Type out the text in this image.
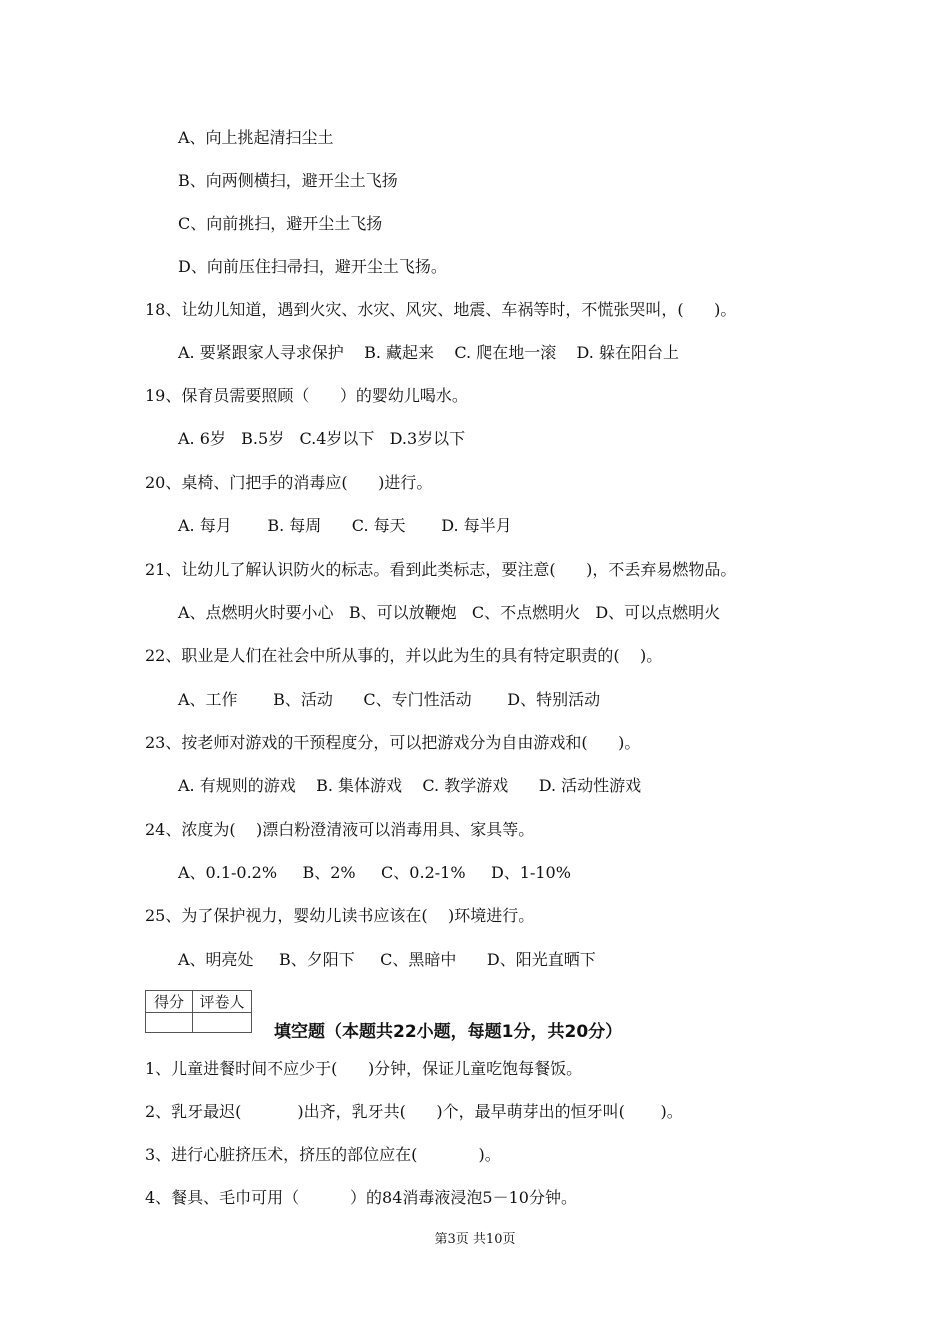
A、向上挑起清扫尘土
B、向两侧横扫，避开尘土飞扬
C、向前挑扫，避开尘土飞扬
D、向前压住扫帚扫，避开尘土飞扬。
18、让幼儿知道，遇到火灾、水灾、风灾、地震、车祸等时，不慌张哭叫，(      )。
A. 要紧跟家人寻求保护    B. 藏起来    C. 爬在地一滚    D. 躲在阳台上
19、保育员需要照顾（      ）的婴幼儿喝水。
A. 6岁   B.5岁   C.4岁以下   D.3岁以下
20、桌椅、门把手的消毒应(      )进行。
A. 每月       B. 每周      C. 每天       D. 每半月
21、让幼儿了解认识防火的标志。看到此类标志，要注意(      )，不丢弃易燃物品。
A、点燃明火时要小心   B、可以放鞭炮   C、不点燃明火   D、可以点燃明火
22、职业是人们在社会中所从事的，并以此为生的具有特定职责的(    )。
A、工作       B、活动      C、专门性活动       D、特别活动
23、按老师对游戏的干预程度分，可以把游戏分为自由游戏和(      )。
A. 有规则的游戏    B. 集体游戏    C. 教学游戏      D. 活动性游戏
24、浓度为(    )漂白粉澄清液可以消毒用具、家具等。
A、0.1-0.2%     B、2%     C、0.2-1%     D、1-10%
25、为了保护视力，婴幼儿读书应该在(    )环境进行。
A、明亮处     B、夕阳下     C、黑暗中      D、阳光直晒下
得分	评卷人

填空题（本题共22小题，每题1分，共20分）
1、儿童进餐时间不应少于(      )分钟，保证儿童吃饱每餐饭。
2、乳牙最迟(           )出齐，乳牙共(      )个，最早萌芽出的恒牙叫(       )。
3、进行心脏挤压术，挤压的部位应在(            )。
4、餐具、毛巾可用（          ）的84消毒液浸泡5－10分钟。
第3页 共10页
